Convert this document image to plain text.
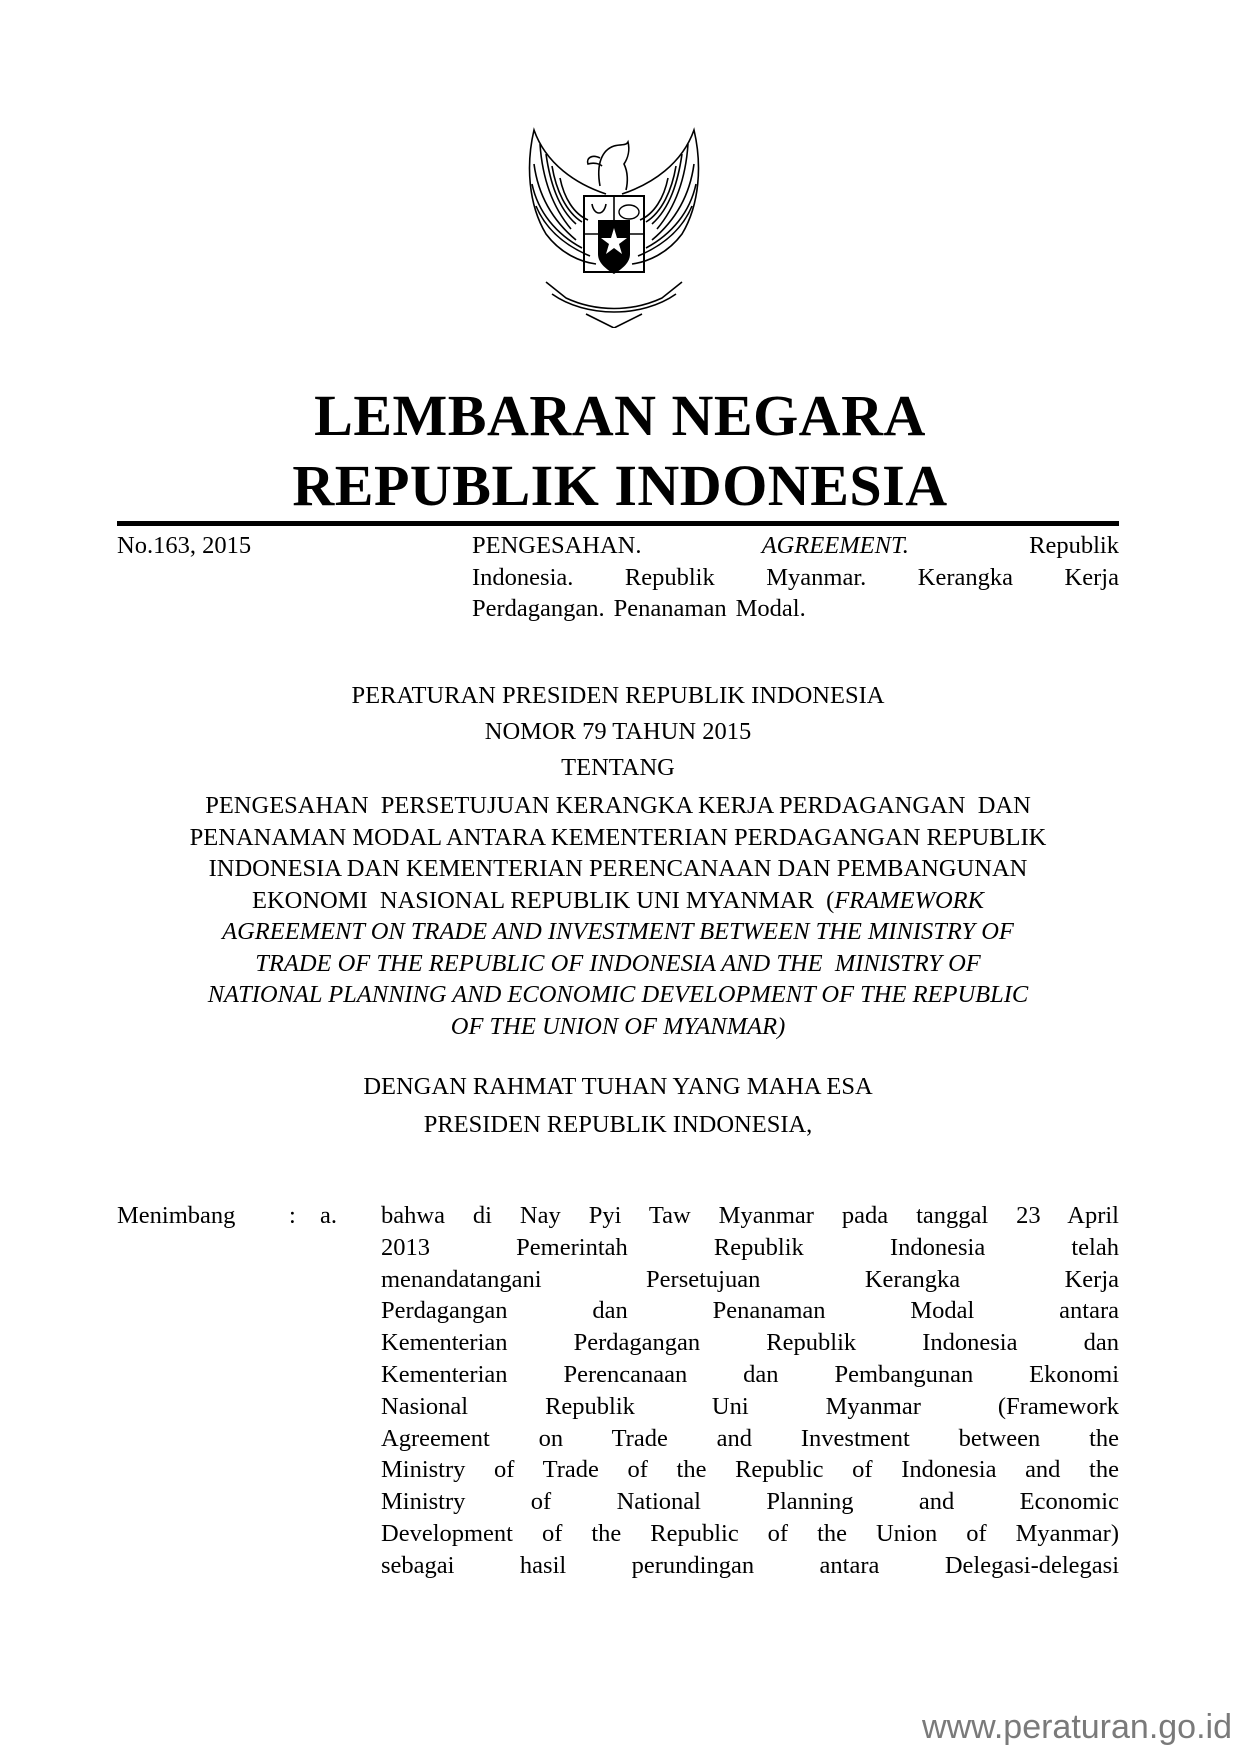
LEMBARAN NEGARA
REPUBLIK INDONESIA
No.163, 2015	PENGESAHAN.	AGREEMENT.	Republik
Indonesia. Republik Myanmar. Kerangka Kerja
Perdagangan. Penanaman Modal.
PERATURAN PRESIDEN REPUBLIK INDONESIA
NOMOR 79 TAHUN 2015
TENTANG
PENGESAHAN  PERSETUJUAN KERANGKA KERJA PERDAGANGAN  DAN
PENANAMAN MODAL ANTARA KEMENTERIAN PERDAGANGAN REPUBLIK
INDONESIA DAN KEMENTERIAN PERENCANAAN DAN PEMBANGUNAN
EKONOMI  NASIONAL REPUBLIK UNI MYANMAR  (FRAMEWORK
AGREEMENT ON TRADE AND INVESTMENT BETWEEN THE MINISTRY OF
TRADE OF THE REPUBLIC OF INDONESIA AND THE  MINISTRY OF
NATIONAL PLANNING AND ECONOMIC DEVELOPMENT OF THE REPUBLIC
OF THE UNION OF MYANMAR)
DENGAN RAHMAT TUHAN YANG MAHA ESA
PRESIDEN REPUBLIK INDONESIA,
Menimbang : a. bahwa di Nay Pyi Taw Myanmar pada tanggal 23 April
2013 Pemerintah Republik Indonesia telah
menandatangani Persetujuan Kerangka Kerja
Perdagangan dan Penanaman Modal antara
Kementerian Perdagangan Republik Indonesia dan
Kementerian Perencanaan dan Pembangunan Ekonomi
Nasional Republik Uni Myanmar (Framework
Agreement on Trade and Investment between the
Ministry of Trade of the Republic of Indonesia and the
Ministry of National Planning and Economic
Development of the Republic of the Union of Myanmar)
sebagai hasil perundingan antara Delegasi-delegasi
www.peraturan.go.id
